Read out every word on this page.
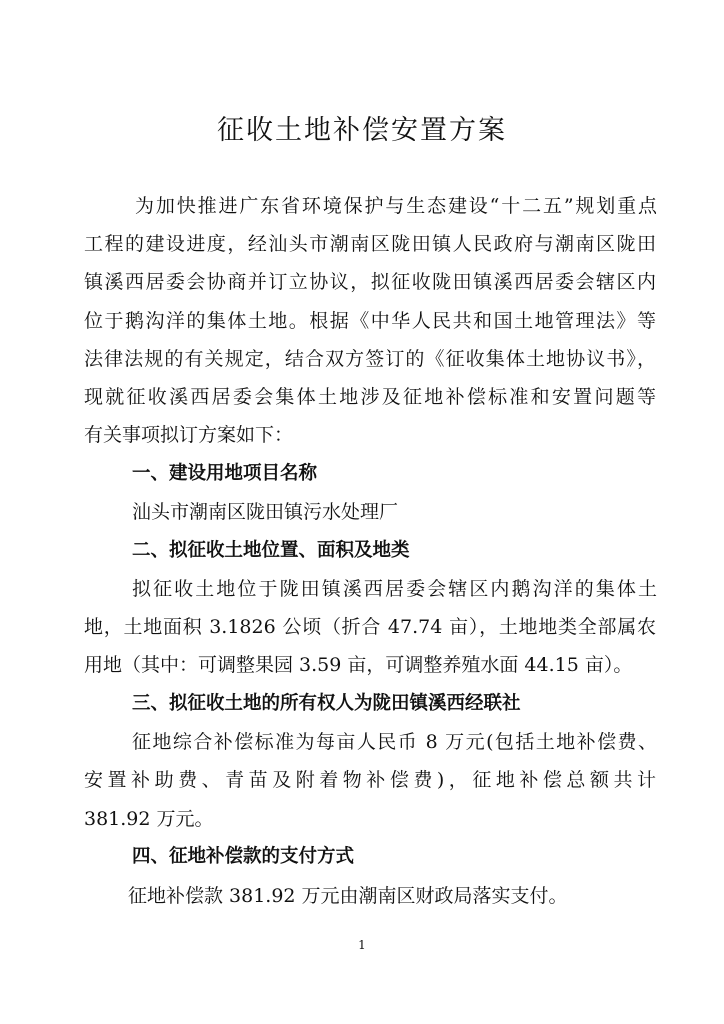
征收土地补偿安置方案

为加快推进广东省环境保护与生态建设“十二五”规划重点

工程的建设进度，经汕头市潮南区陇田镇人民政府与潮南区陇田

镇溪西居委会协商并订立协议，拟征收陇田镇溪西居委会辖区内

位于鹅沟洋的集体土地。根据《中华人民共和国土地管理法》等

法律法规的有关规定，结合双方签订的《征收集体土地协议书》，

现就征收溪西居委会集体土地涉及征地补偿标准和安置问题等

有关事项拟订方案如下：

一、建设用地项目名称

汕头市潮南区陇田镇污水处理厂

二、拟征收土地位置、面积及地类

拟征收土地位于陇田镇溪西居委会辖区内鹅沟洋的集体土

地，土地面积 3.1826 公顷（折合 47.74 亩），土地地类全部属农

用地（其中：可调整果园 3.59 亩，可调整养殖水面 44.15 亩）。

三、拟征收土地的所有权人为陇田镇溪西经联社

征地综合补偿标准为每亩人民币 8 万元(包括土地补偿费、

安置补助费、青苗及附着物补偿费)，征地补偿总额共计

381.92 万元。

四、征地补偿款的支付方式

征地补偿款 381.92 万元由潮南区财政局落实支付。

1
